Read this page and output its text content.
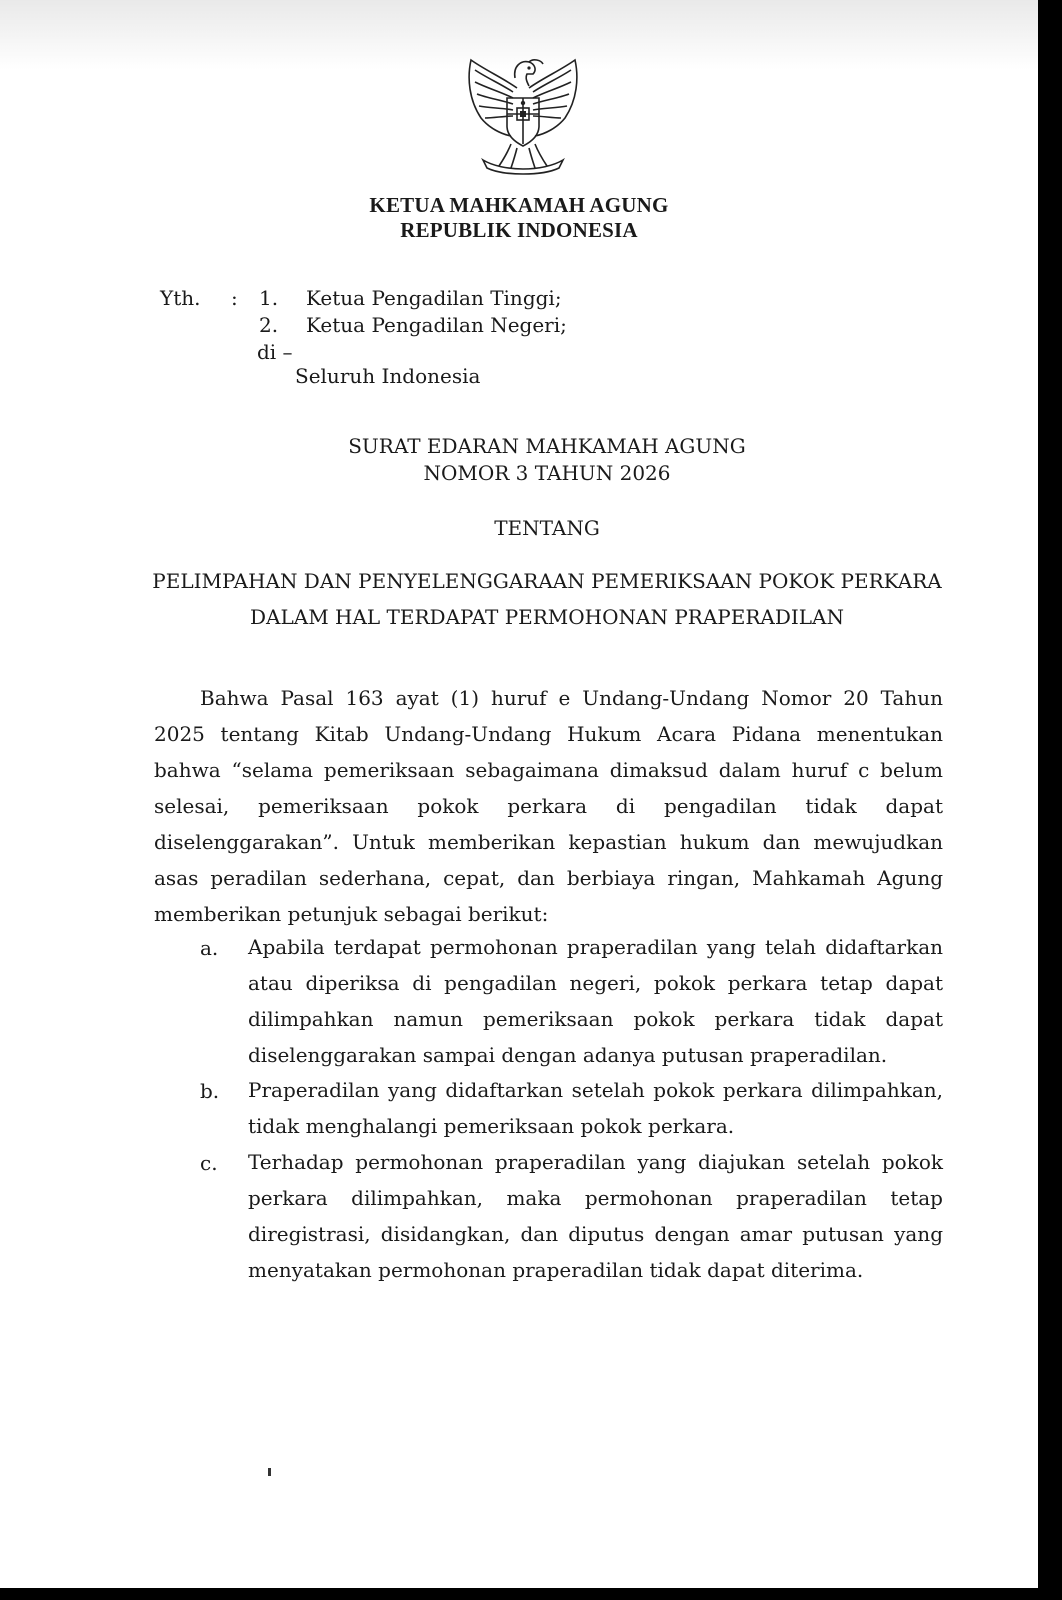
KETUA MAHKAMAH AGUNG
REPUBLIK INDONESIA
Yth. : 1. Ketua Pengadilan Tinggi;
2. Ketua Pengadilan Negeri;
di –
Seluruh Indonesia
SURAT EDARAN MAHKAMAH AGUNG
NOMOR 3 TAHUN 2026
TENTANG
PELIMPAHAN DAN PENYELENGGARAAN PEMERIKSAAN POKOK PERKARA
DALAM HAL TERDAPAT PERMOHONAN PRAPERADILAN
Bahwa Pasal 163 ayat (1) huruf e Undang-Undang Nomor 20 Tahun 2025 tentang Kitab Undang-Undang Hukum Acara Pidana menentukan bahwa “selama pemeriksaan sebagaimana dimaksud dalam huruf c belum selesai, pemeriksaan pokok perkara di pengadilan tidak dapat diselenggarakan”. Untuk memberikan kepastian hukum dan mewujudkan asas peradilan sederhana, cepat, dan berbiaya ringan, Mahkamah Agung memberikan petunjuk sebagai berikut:
a. Apabila terdapat permohonan praperadilan yang telah didaftarkan atau diperiksa di pengadilan negeri, pokok perkara tetap dapat dilimpahkan namun pemeriksaan pokok perkara tidak dapat diselenggarakan sampai dengan adanya putusan praperadilan.
b. Praperadilan yang didaftarkan setelah pokok perkara dilimpahkan, tidak menghalangi pemeriksaan pokok perkara.
c. Terhadap permohonan praperadilan yang diajukan setelah pokok perkara dilimpahkan, maka permohonan praperadilan tetap diregistrasi, disidangkan, dan diputus dengan amar putusan yang menyatakan permohonan praperadilan tidak dapat diterima.
